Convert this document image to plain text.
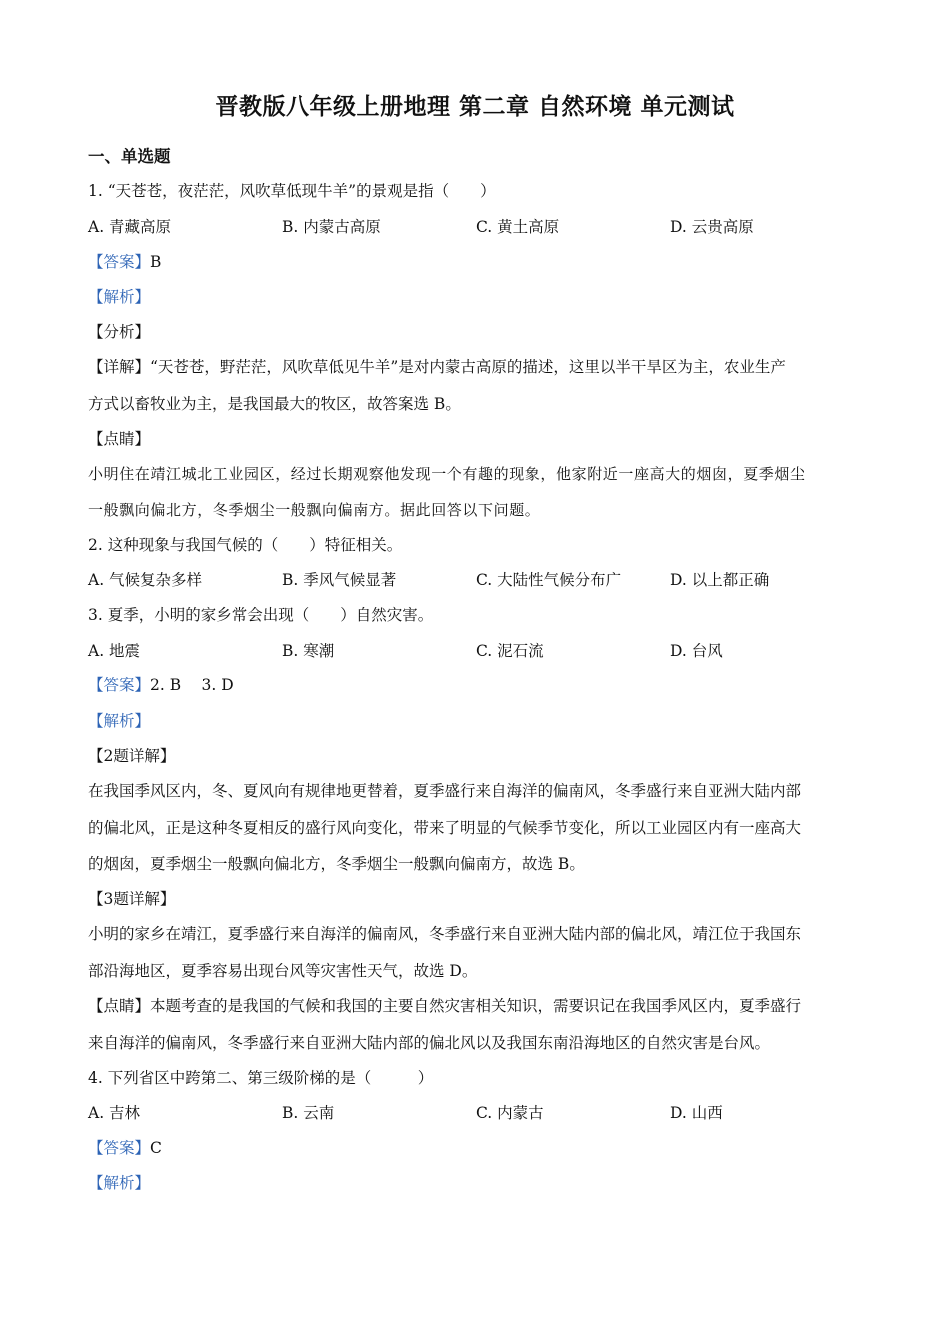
晋教版八年级上册地理 第二章 自然环境 单元测试
一、单选题
1. “天苍苍，夜茫茫，风吹草低现牛羊”的景观是指（　　）
A. 青藏高原	B. 内蒙古高原	C. 黄土高原	D. 云贵高原
【答案】B
【解析】
【分析】
【详解】“天苍苍，野茫茫，风吹草低见牛羊”是对内蒙古高原的描述，这里以半干旱区为主，农业生产
方式以畜牧业为主，是我国最大的牧区，故答案选 B。
【点睛】
小明住在靖江城北工业园区，经过长期观察他发现一个有趣的现象，他家附近一座高大的烟囱，夏季烟尘
一般飘向偏北方，冬季烟尘一般飘向偏南方。据此回答以下问题。
2. 这种现象与我国气候的（　　）特征相关。
A. 气候复杂多样	B. 季风气候显著	C. 大陆性气候分布广	D. 以上都正确
3. 夏季，小明的家乡常会出现（　　）自然灾害。
A. 地震	B. 寒潮	C. 泥石流	D. 台风
【答案】2. B　 3. D
【解析】
【2题详解】
在我国季风区内，冬、夏风向有规律地更替着，夏季盛行来自海洋的偏南风，冬季盛行来自亚洲大陆内部
的偏北风，正是这种冬夏相反的盛行风向变化，带来了明显的气候季节变化，所以工业园区内有一座高大
的烟囱，夏季烟尘一般飘向偏北方，冬季烟尘一般飘向偏南方，故选 B。
【3题详解】
小明的家乡在靖江，夏季盛行来自海洋的偏南风，冬季盛行来自亚洲大陆内部的偏北风，靖江位于我国东
部沿海地区，夏季容易出现台风等灾害性天气，故选 D。
【点睛】本题考查的是我国的气候和我国的主要自然灾害相关知识，需要识记在我国季风区内，夏季盛行
来自海洋的偏南风，冬季盛行来自亚洲大陆内部的偏北风以及我国东南沿海地区的自然灾害是台风。
4. 下列省区中跨第二、第三级阶梯的是（　　　）
A. 吉林	B. 云南	C. 内蒙古	D. 山西
【答案】C
【解析】
